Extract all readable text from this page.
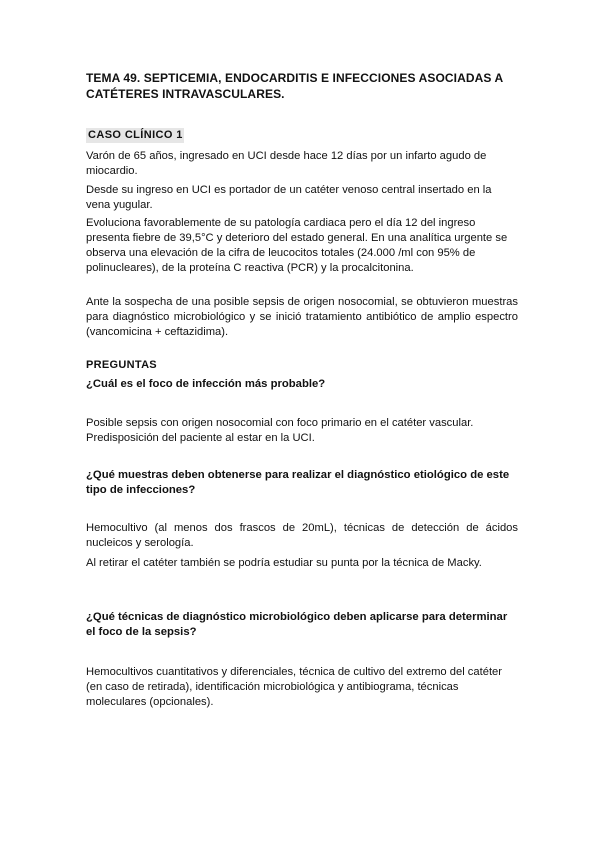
TEMA 49. SEPTICEMIA, ENDOCARDITIS E INFECCIONES ASOCIADAS A CATÉTERES INTRAVASCULARES.
CASO CLÍNICO 1

Varón de 65 años, ingresado en UCI desde hace 12 días por un infarto agudo de miocardio.

Desde su ingreso en UCI es portador de un catéter venoso central insertado en la vena yugular.

Evoluciona favorablemente de su patología cardiaca pero el día 12 del ingreso presenta fiebre de 39,5°C y deterioro del estado general. En una analítica urgente se observa una elevación de la cifra de leucocitos totales (24.000 /ml con 95% de polinucleares), de la proteína C reactiva (PCR) y la procalcitonina.

Ante la sospecha de una posible sepsis de origen nosocomial, se obtuvieron muestras para diagnóstico microbiológico y se inició tratamiento antibiótico de amplio espectro (vancomicina + ceftazidima).

PREGUNTAS
¿Cuál es el foco de infección más probable?

Posible sepsis con origen nosocomial con foco primario en el catéter vascular. Predisposición del paciente al estar en la UCI.

¿Qué muestras deben obtenerse para realizar el diagnóstico etiológico de este tipo de infecciones?

Hemocultivo (al menos dos frascos de 20mL), técnicas de detección de ácidos nucleicos y serología.

Al retirar el catéter también se podría estudiar su punta por la técnica de Macky.

¿Qué técnicas de diagnóstico microbiológico deben aplicarse para determinar el foco de la sepsis?

Hemocultivos cuantitativos y diferenciales, técnica de cultivo del extremo del catéter (en caso de retirada), identificación microbiológica y antibiograma, técnicas moleculares (opcionales).
